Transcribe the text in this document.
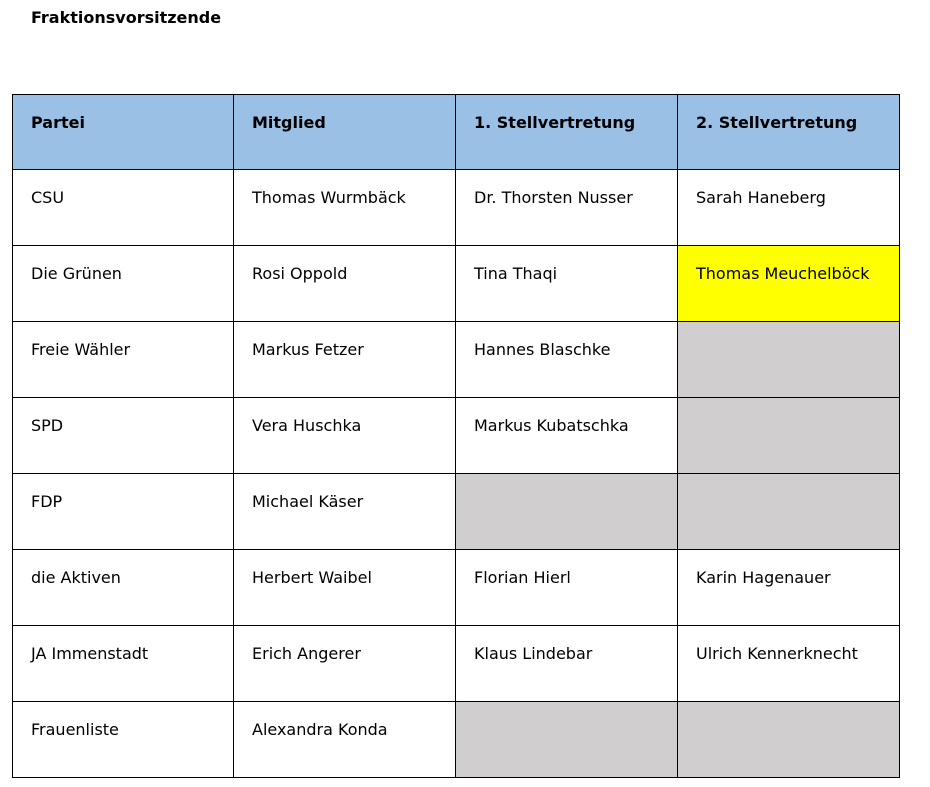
Fraktionsvorsitzende
Partei	Mitglied	1. Stellvertretung	2. Stellvertretung
CSU	Thomas Wurmbäck	Dr. Thorsten Nusser	Sarah Haneberg
Die Grünen	Rosi Oppold	Tina Thaqi	Thomas Meuchelböck
Freie Wähler	Markus Fetzer	Hannes Blaschke	
SPD	Vera Huschka	Markus Kubatschka	
FDP	Michael Käser		
die Aktiven	Herbert Waibel	Florian Hierl	Karin Hagenauer
JA Immenstadt	Erich Angerer	Klaus Lindebar	Ulrich Kennerknecht
Frauenliste	Alexandra Konda		
